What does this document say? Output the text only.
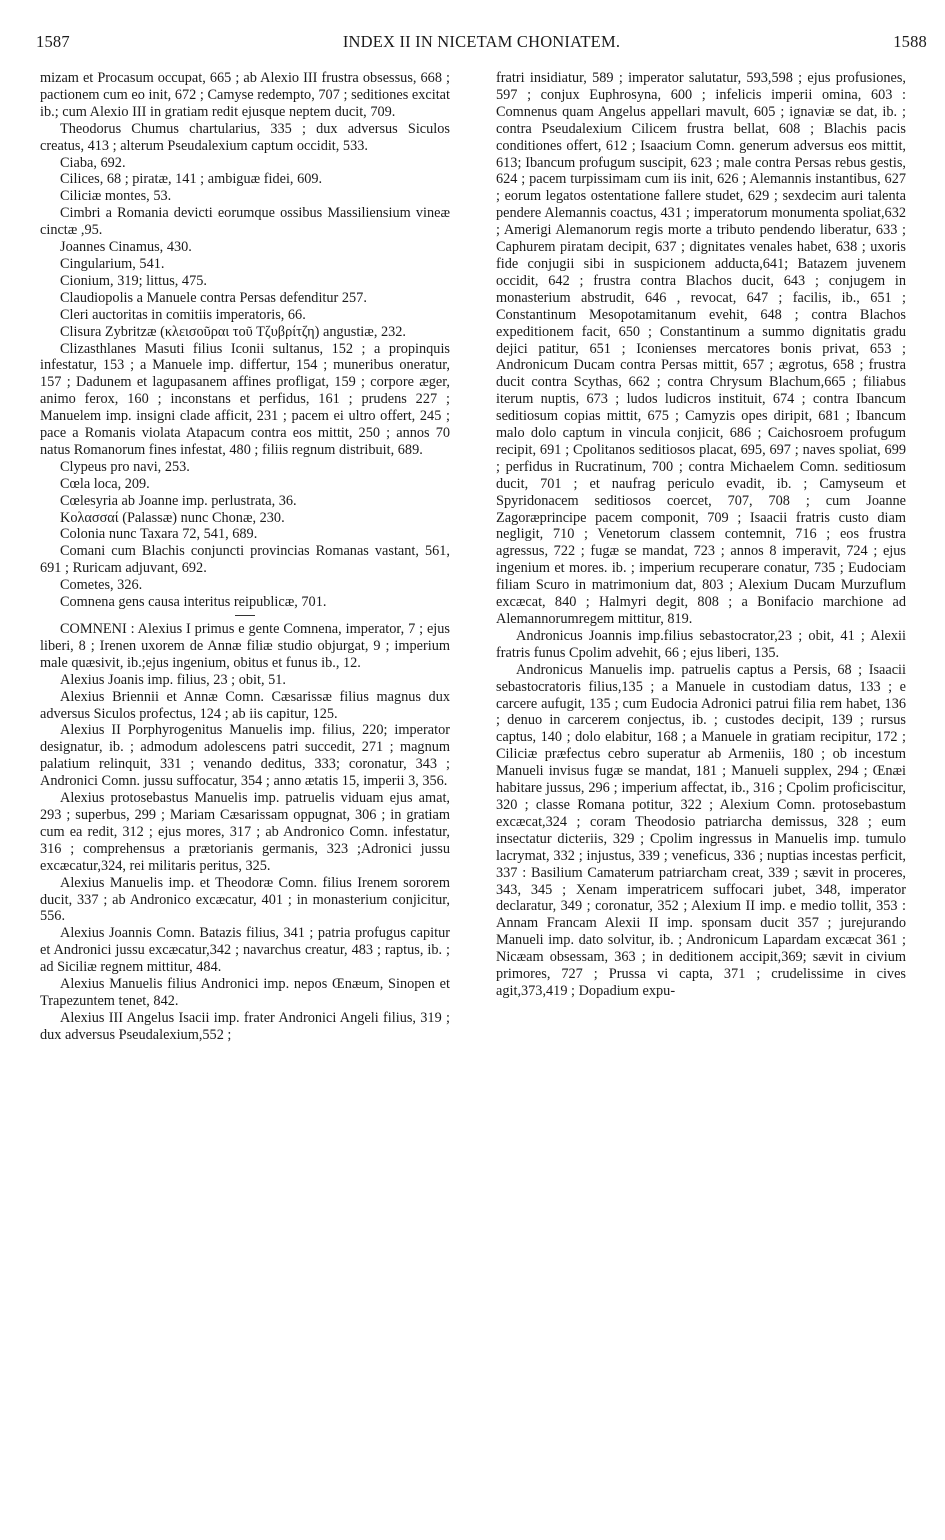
1587	INDEX II IN NICETAM CHONIATEM.	1588

mizam et Procasum occupat, 665 ; ab Alexio III frustra obsessus, 668 ; pactionem cum eo init, 672 ; Camyse redempto, 707 ; seditiones excitat ib.; cum Alexio III in gratiam redit ejusque neptem ducit, 709.

Theodorus Chumus chartularius, 335 ; dux adversus Siculos creatus, 413 ; alterum Pseudalexium captum occidit, 533.

Ciaba, 692.

Cilices, 68 ; piratæ, 141 ; ambiguæ fidei, 609.

Ciliciæ montes, 53.

Cimbri a Romania devicti eorumque ossibus Massiliensium vineæ cinctæ ,95.

Joannes Cinamus, 430.

Cingularium, 541.

Cionium, 319; littus, 475.

Claudiopolis a Manuele contra Persas defenditur 257.

Cleri auctoritas in comitiis imperatoris, 66.

Clisura Zybritzæ (κλεισοῦραι τοῦ Τζυβρίτζη) angustiæ, 232.

Clizasthlanes Masuti filius Iconii sultanus, 152 ; a propinquis infestatur, 153 ; a Manuele imp. differtur, 154 ; muneribus oneratur, 157 ; Dadunem et lagupasanem affines profligat, 159 ; corpore æger, animo ferox, 160 ; inconstans et perfidus, 161 ; prudens 227 ; Manuelem imp. insigni clade afficit, 231 ; pacem ei ultro offert, 245 ; pace a Romanis violata Atapacum contra eos mittit, 250 ; annos 70 natus Romanorum fines infestat, 480 ; filiis regnum distribuit, 689.

Clypeus pro navi, 253.

Cœla loca, 209.

Cœlesyria ab Joanne imp. perlustrata, 36.

Κολασσαί (Palassæ) nunc Chonæ, 230.

Colonia nunc Taxara 72, 541, 689.

Comani cum Blachis conjuncti provincias Romanas vastant, 561, 691 ; Ruricam adjuvant, 692.

Cometes, 326.

Comnena gens causa interitus reipublicæ, 701.

COMNENI : Alexius I primus e gente Comnena, imperator, 7 ; ejus liberi, 8 ; Irenen uxorem de Annæ filiæ studio objurgat, 9 ; imperium male quæsivit, ib.;ejus ingenium, obitus et funus ib., 12.

Alexius Joanis imp. filius, 23 ; obit, 51.

Alexius Briennii et Annæ Comn. Cæsarissæ filius magnus dux adversus Siculos profectus, 124 ; ab iis capitur, 125.

Alexius II Porphyrogenitus Manuelis imp. filius, 220; imperator designatur, ib. ; admodum adolescens patri succedit, 271 ; magnum palatium relinquit, 331 ; venando deditus, 333; coronatur, 343 ; Andronici Comn. jussu suffocatur, 354 ; anno ætatis 15, imperii 3, 356.

Alexius protosebastus Manuelis imp. patruelis viduam ejus amat, 293 ; superbus, 299 ; Mariam Cæsarissam oppugnat, 306 ; in gratiam cum ea redit, 312 ; ejus mores, 317 ; ab Andronico Comn. infestatur, 316 ; comprehensus a prætorianis germanis, 323 ;Adronici jussu excæcatur,324, rei militaris peritus, 325.

Alexius Manuelis imp. et Theodoræ Comn. filius Irenem sororem ducit, 337 ; ab Andronico excæcatur, 401 ; in monasterium conjicitur, 556.

Alexius Joannis Comn. Batazis filius, 341 ; patria profugus capitur et Andronici jussu excæcatur,342 ; navarchus creatur, 483 ; raptus, ib. ; ad Siciliæ regnem mittitur, 484.

Alexius Manuelis filius Andronici imp. nepos Œnæum, Sinopen et Trapezuntem tenet, 842.

Alexius III Angelus Isacii imp. frater Andronici Angeli filius, 319 ; dux adversus Pseudalexium,552 ;

fratri insidiatur, 589 ; imperator salutatur, 593,598 ; ejus profusiones, 597 ; conjux Euphrosyna, 600 ; infelicis imperii omina, 603 : Comnenus quam Angelus appellari mavult, 605 ; ignaviæ se dat, ib. ; contra Pseudalexium Cilicem frustra bellat, 608 ; Blachis pacis conditiones offert, 612 ; Isaacium Comn. generum adversus eos mittit, 613; Ibancum profugum suscipit, 623 ; male contra Persas rebus gestis, 624 ; pacem turpissimam cum iis init, 626 ; Alemannis instantibus, 627 ; eorum legatos ostentatione fallere studet, 629 ; sexdecim auri talenta pendere Alemannis coactus, 431 ; imperatorum monumenta spoliat,632 ; Amerigi Alemanorum regis morte a tributo pendendo liberatur, 633 ; Caphurem piratam decipit, 637 ; dignitates venales habet, 638 ; uxoris fide conjugii sibi in suspicionem adducta,641; Batazem juvenem occidit, 642 ; frustra contra Blachos ducit, 643 ; conjugem in monasterium abstrudit, 646 , revocat, 647 ; facilis, ib., 651 ; Constantinum Mesopotamitanum evehit, 648 ; contra Blachos expeditionem facit, 650 ; Constantinum a summo dignitatis gradu dejici patitur, 651 ; Iconienses mercatores bonis privat, 653 ; Andronicum Ducam contra Persas mittit, 657 ; ægrotus, 658 ; frustra ducit contra Scythas, 662 ; contra Chrysum Blachum,665 ; filiabus iterum nuptis, 673 ; ludos ludicros instituit, 674 ; contra Ibancum seditiosum copias mittit, 675 ; Camyzis opes diripit, 681 ; Ibancum malo dolo captum in vincula conjicit, 686 ; Caichosroem profugum recipit, 691 ; Cpolitanos seditiosos placat, 695, 697 ; naves spoliat, 699 ; perfidus in Rucratinum, 700 ; contra Michaelem Comn. seditiosum ducit, 701 ; et naufrag periculo evadit, ib. ; Camyseum et Spyridonacem seditiosos coercet, 707, 708 ; cum Joanne Zagoræprincipe pacem componit, 709 ; Isaacii fratris custo diam negligit, 710 ; Venetorum classem contemnit, 716 ; eos frustra agressus, 722 ; fugæ se mandat, 723 ; annos 8 imperavit, 724 ; ejus ingenium et mores. ib. ; imperium recuperare conatur, 735 ; Eudociam filiam Scuro in matrimonium dat, 803 ; Alexium Ducam Murzuflum excæcat, 840 ; Halmyri degit, 808 ; a Bonifacio marchione ad Alemannorumregem mittitur, 819.

Andronicus Joannis imp.filius sebastocrator,23 ; obit, 41 ; Alexii fratris funus Cpolim advehit, 66 ; ejus liberi, 135.

Andronicus Manuelis imp. patruelis captus a Persis, 68 ; Isaacii sebastocratoris filius,135 ; a Manuele in custodiam datus, 133 ; e carcere aufugit, 135 ; cum Eudocia Adronici patrui filia rem habet, 136 ; denuo in carcerem conjectus, ib. ; custodes decipit, 139 ; rursus captus, 140 ; dolo elabitur, 168 ; a Manuele in gratiam recipitur, 172 ; Ciliciæ præfectus cebro superatur ab Armeniis, 180 ; ob incestum Manueli invisus fugæ se mandat, 181 ; Manueli supplex, 294 ; Œnæi habitare jussus, 296 ; imperium affectat, ib., 316 ; Cpolim proficiscitur, 320 ; classe Romana potitur, 322 ; Alexium Comn. protosebastum excæcat,324 ; coram Theodosio patriarcha demissus, 328 ; eum insectatur dicteriis, 329 ; Cpolim ingressus in Manuelis imp. tumulo lacrymat, 332 ; injustus, 339 ; veneficus, 336 ; nuptias incestas perficit, 337 : Basilium Camaterum patriarcham creat, 339 ; sævit in proceres, 343, 345 ; Xenam imperatricem suffocari jubet, 348, imperator declaratur, 349 ; coronatur, 352 ; Alexium II imp. e medio tollit, 353 : Annam Francam Alexii II imp. sponsam ducit 357 ; jurejurando Manueli imp. dato solvitur, ib. ; Andronicum Lapardam excæcat 361 ; Nicæam obsessam, 363 ; in deditionem accipit,369; sævit in civium primores, 727 ; Prussa vi capta, 371 ; crudelissime in cives agit,373,419 ; Dopadium expu-
